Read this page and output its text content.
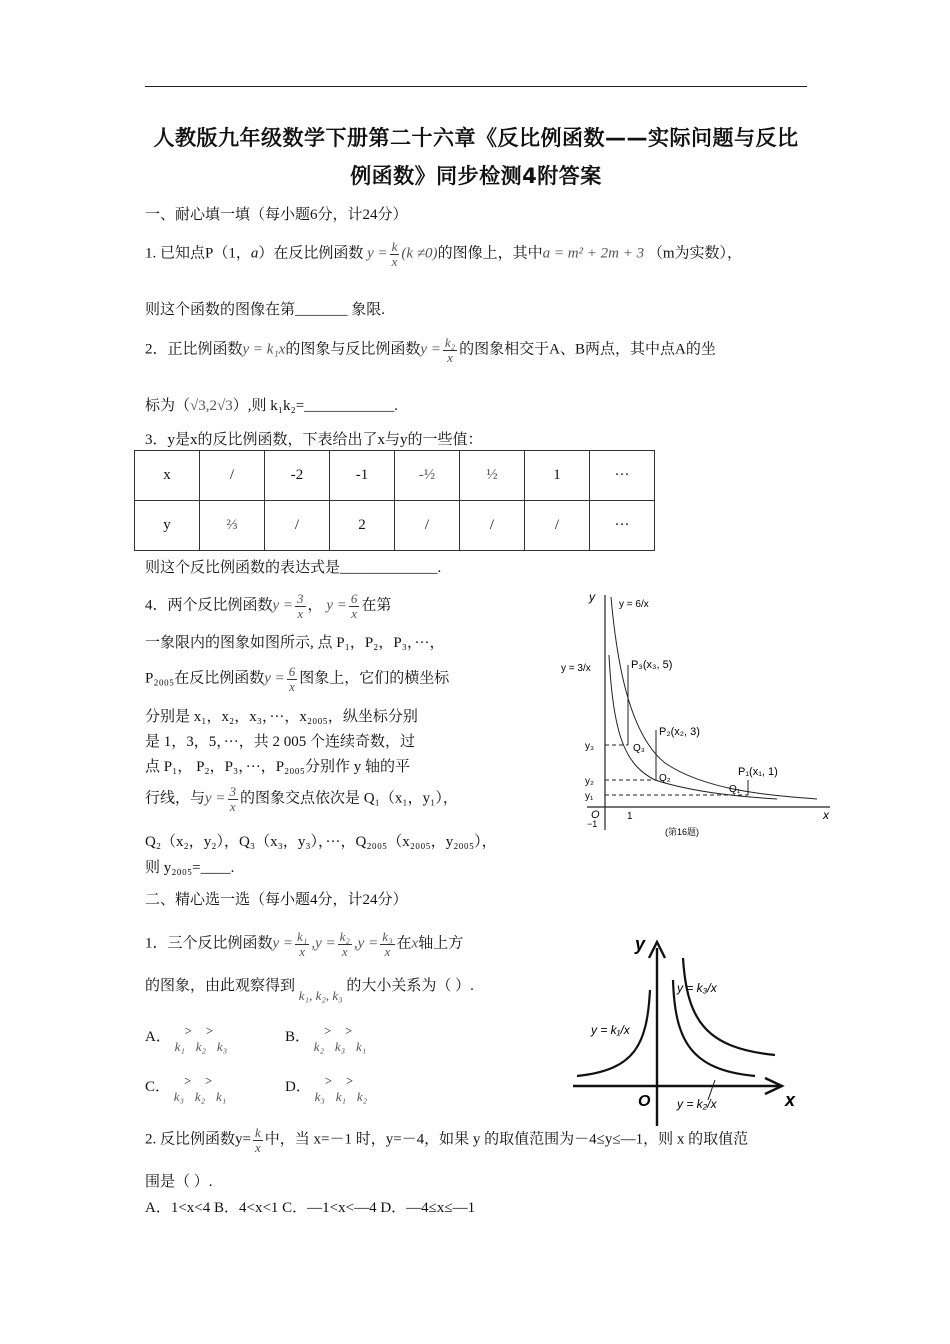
人教版九年级数学下册第二十六章《反比例函数——实际问题与反比
例函数》同步检测4附答案
一、耐心填一填（每小题6分，计24分）
1. 已知点P（1，a）在反比例函数 $y = \frac{k}{x} (k \ne 0)$的图像上，其中a = m² + 2m + 3 （m为实数），
则这个函数的图像在第_______ 象限.
2．正比例函数y = k₁x的图象与反比例函数$y = \frac{\text{k₂}}{x}$ 的图象相交于A、B两点，其中点A的坐
标为（√3,2√3）,则 k₁k₂=____________.
3．y是x的反比例函数，下表给出了x与y的一些值：
x	/	-2	-1	-½	½	1	···
y	⅔	/	2	/	/	/	···
则这个反比例函数的表达式是_____________.
4．两个反比例函数$y = \frac{3}{x}$ ， $y = \frac{6}{x}$ 在第
一象限内的图象如图所示, 点 P₁，P₂，P₃，···，
P₂₀₀₅在反比例函数$y = \frac{6}{x}$ 图象上，它们的横坐标
分别是 x₁，x₂，x₃，···，x₂₀₀₅，纵坐标分别
是 1，3，5，···，共 2 005 个连续奇数，过
点 P₁， P₂，P₃，···，P₂₀₀₅分别作 y 轴的平
行线，与$y = \frac{3}{x}$ 的图象交点依次是 Q₁（x₁，y₁），
Q₂（x₂，y₂），Q₃（x₃，y₃），···，Q₂₀₀₅（x₂₀₀₅，y₂₀₀₅），
则 y₂₀₀₅=____.
y
x
y = 6/x
y = 3/x	P₃(x₃, 5)
P₂(x₂, 3)
P₁(x₁, 1)
Q₃
Q₂
Q₁
y₃
y₂
y₁
O
−1
1
(第16题)
二、精心选一选（每小题4分，计24分）
1．三个反比例函数$y = \frac{\text{k₁}}{x} ,y = \frac{\text{k₂}}{x} ,y = \frac{\text{k₃}}{x}$ 在x轴上方
的图象，由此观察得到 k₁, k₂, k₃ 的大小关系为（ ）.
A． k₁> k₂> k₃
B． k₂> k₃> k₁
C． k₃> k₂> k₁
D． k₃> k₁> k₂
y
x
O
y = k₁/x
y = k₃/x
y = k₂/x
2. 反比例函数$y= \frac{k}{x}$ 中，当 x=－1 时，y=－4，如果 y 的取值范围为－4≤y≤—1，则 x 的取值范
围是（ ）.
A．1<x<4 B．4<x<1 C．—1<x<—4 D．—4≤x≤—1
